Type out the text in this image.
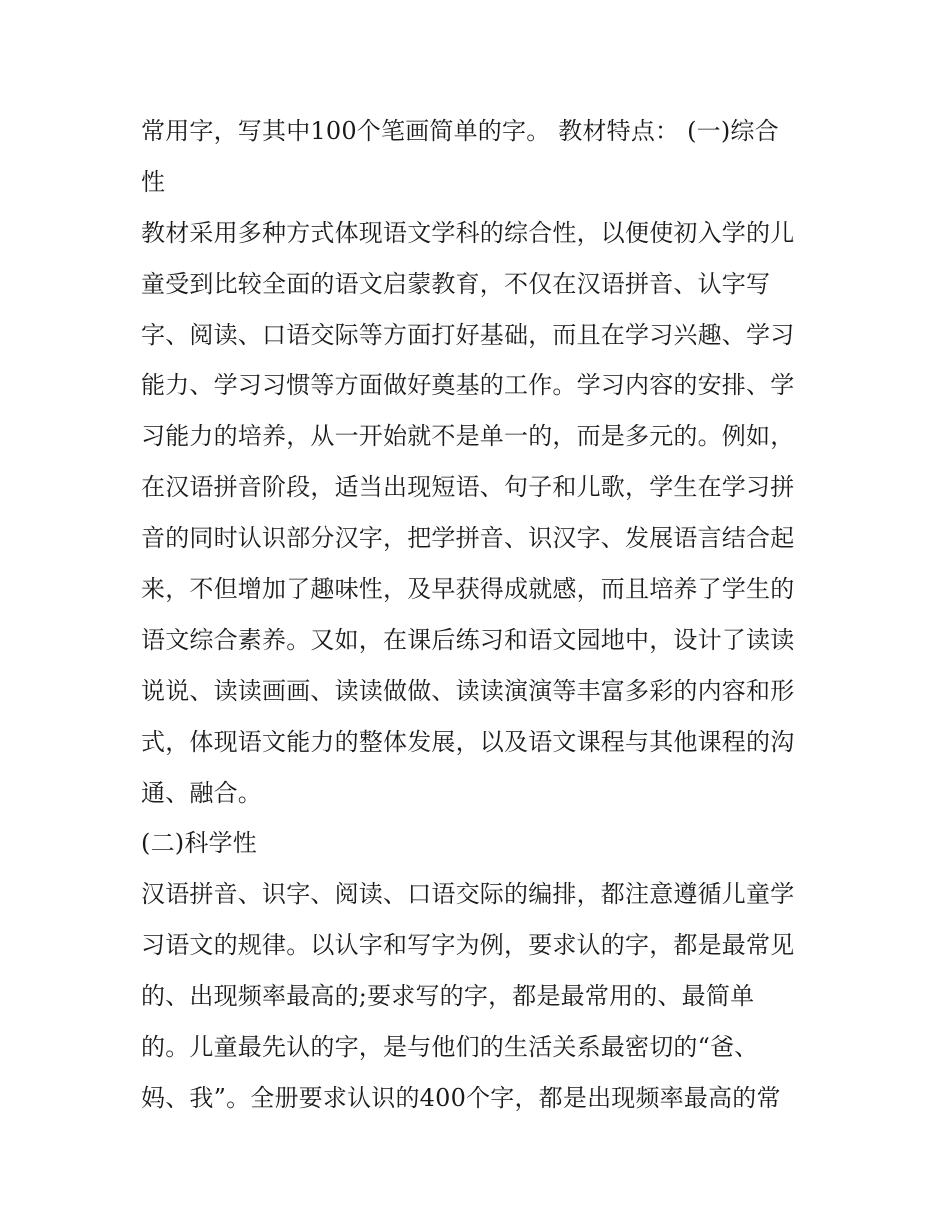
常用字，写其中100个笔画简单的字。 教材特点： (一)综合
性
教材采用多种方式体现语文学科的综合性，以便使初入学的儿
童受到比较全面的语文启蒙教育，不仅在汉语拼音、认字写
字、阅读、口语交际等方面打好基础，而且在学习兴趣、学习
能力、学习习惯等方面做好奠基的工作。学习内容的安排、学
习能力的培养，从一开始就不是单一的，而是多元的。例如，
在汉语拼音阶段，适当出现短语、句子和儿歌，学生在学习拼
音的同时认识部分汉字，把学拼音、识汉字、发展语言结合起
来，不但增加了趣味性，及早获得成就感，而且培养了学生的
语文综合素养。又如，在课后练习和语文园地中，设计了读读
说说、读读画画、读读做做、读读演演等丰富多彩的内容和形
式，体现语文能力的整体发展，以及语文课程与其他课程的沟
通、融合。
(二)科学性
汉语拼音、识字、阅读、口语交际的编排，都注意遵循儿童学
习语文的规律。以认字和写字为例，要求认的字，都是最常见
的、出现频率最高的;要求写的字，都是最常用的、最简单
的。儿童最先认的字，是与他们的生活关系最密切的“爸、
妈、我”。全册要求认识的400个字，都是出现频率最高的常
